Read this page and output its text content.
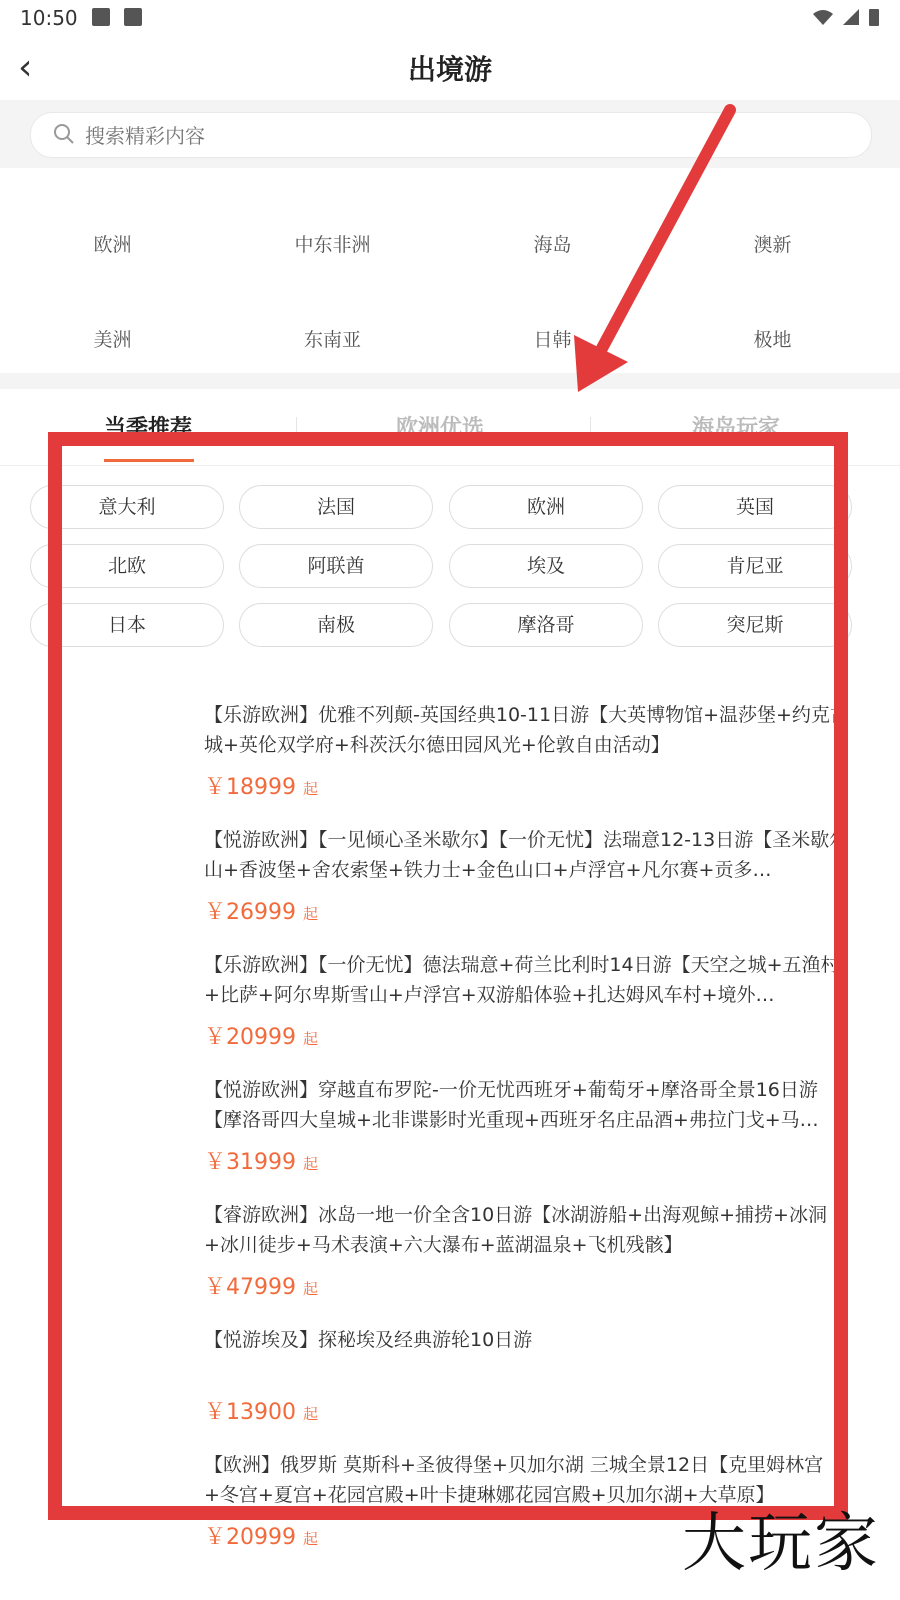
10:50
‹	出境游
搜索精彩内容
欧洲	中东非洲	海岛	澳新
美洲	东南亚	日韩	极地
当季推荐	欧洲优选	海岛玩家
意大利	法国	欧洲	英国
北欧	阿联酋	埃及	肯尼亚
日本	南极	摩洛哥	突尼斯
【乐游欧洲】优雅不列颠-英国经典10-11日游【大英博物馆+温莎堡+约克古城+英伦双学府+科茨沃尔德田园风光+伦敦自由活动】
￥18999 起
【悦游欧洲】【一见倾心圣米歇尔】【一价无忧】法瑞意12-13日游【圣米歇尔山+香波堡+舍农索堡+铁力士+金色山口+卢浮宫+凡尔赛+贡多…
￥26999 起
【乐游欧洲】【一价无忧】德法瑞意+荷兰比利时14日游【天空之城+五渔村+比萨+阿尔卑斯雪山+卢浮宫+双游船体验+扎达姆风车村+境外…
￥20999 起
【悦游欧洲】穿越直布罗陀-一价无忧西班牙+葡萄牙+摩洛哥全景16日游【摩洛哥四大皇城+北非谍影时光重现+西班牙名庄品酒+弗拉门戈+马…
￥31999 起
【睿游欧洲】冰岛一地一价全含10日游【冰湖游船+出海观鲸+捕捞+冰洞+冰川徒步+马术表演+六大瀑布+蓝湖温泉+飞机残骸】
￥47999 起
【悦游埃及】探秘埃及经典游轮10日游
￥13900 起
【欧洲】俄罗斯 莫斯科+圣彼得堡+贝加尔湖 三城全景12日【克里姆林宫+冬宫+夏宫+花园宫殿+叶卡捷琳娜花园宫殿+贝加尔湖+大草原】
￥20999 起	大玩家
